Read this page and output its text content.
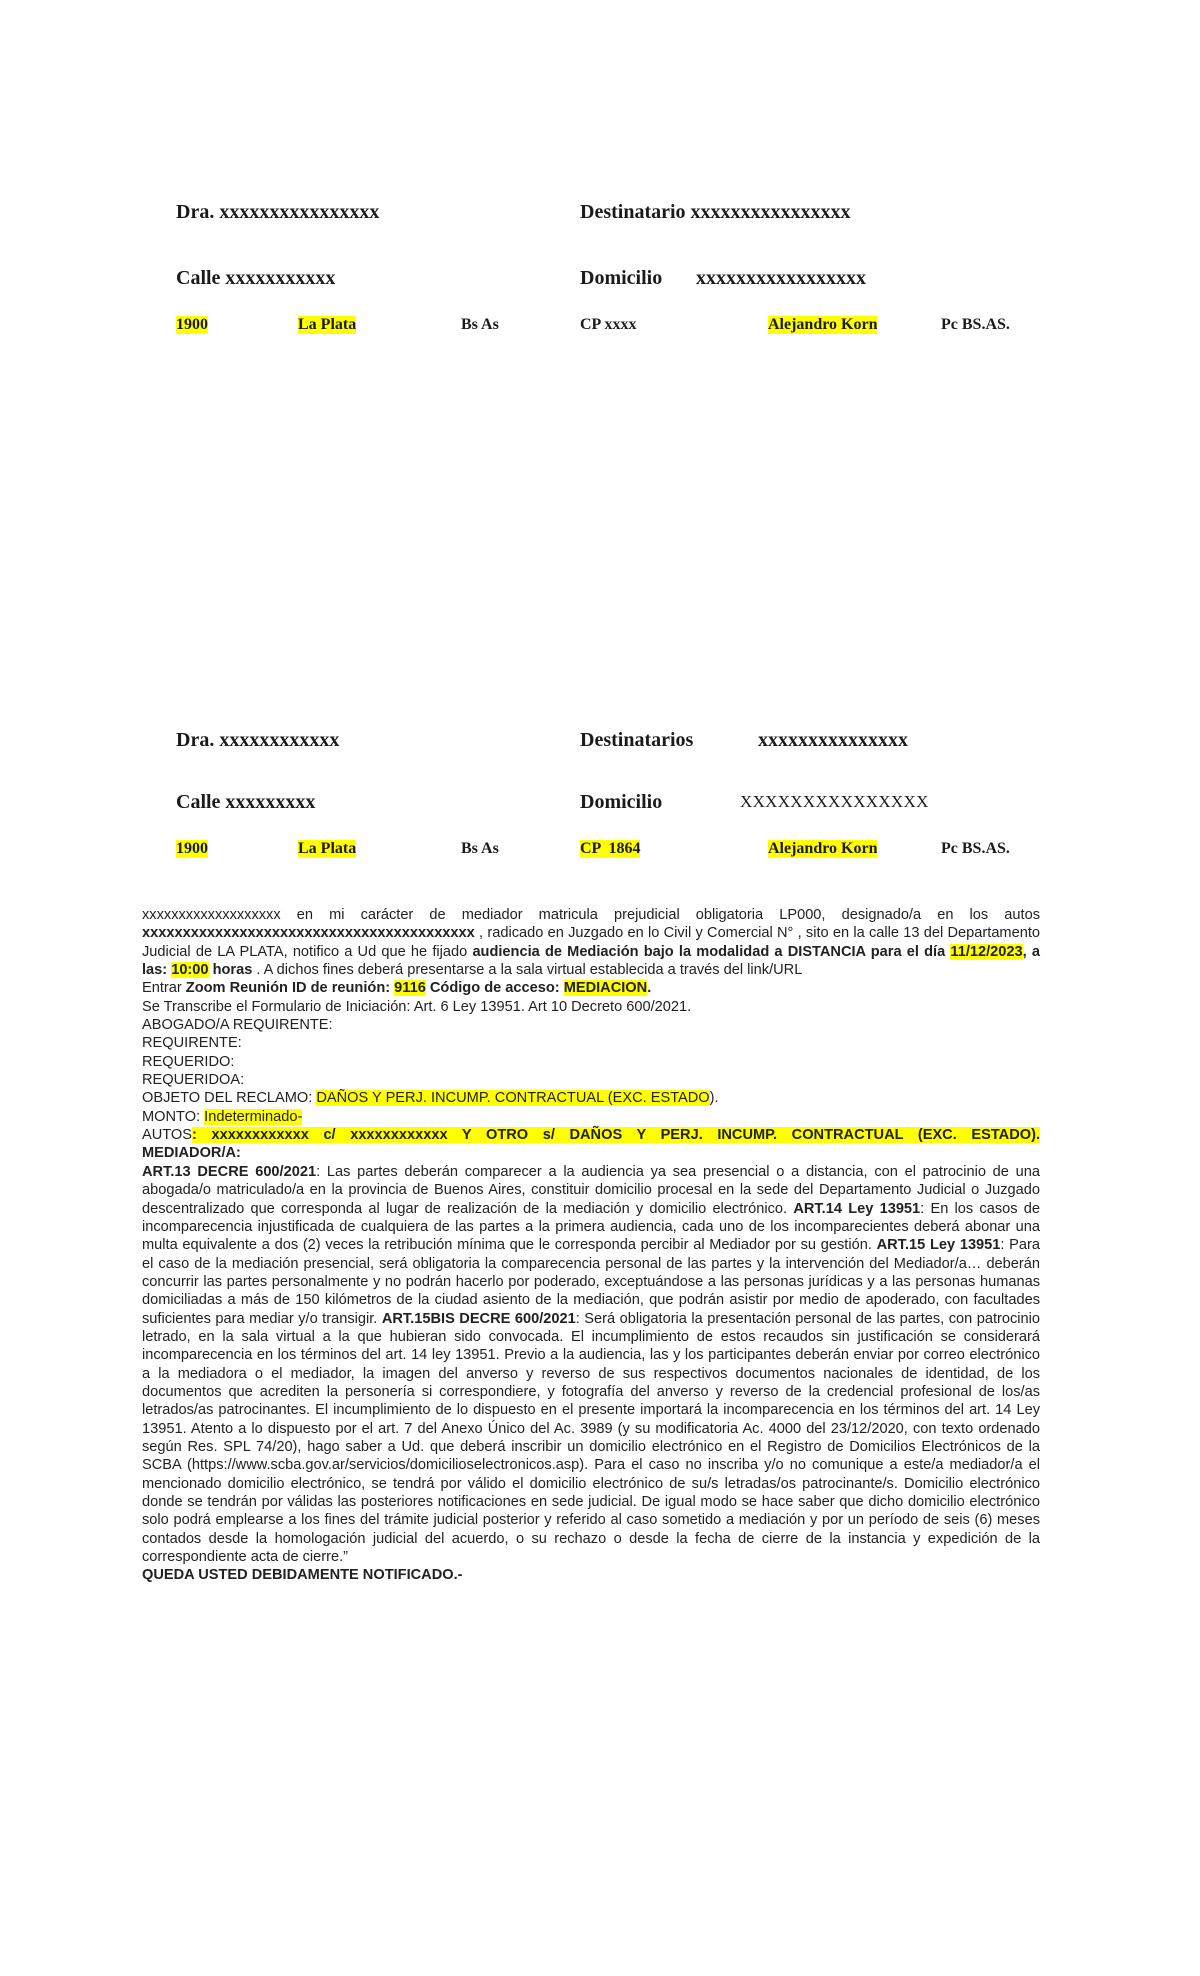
Dra. xxxxxxxxxxxxxxxx	Destinatario xxxxxxxxxxxxxxxx
Calle xxxxxxxxxxx	Domicilio xxxxxxxxxxxxxxxxx
1900	La Plata	Bs As	CP xxxx	Alejandro Korn	Pc BS.AS.
Dra. xxxxxxxxxxxx	Destinatarios	xxxxxxxxxxxxxxx
Calle xxxxxxxxx	Domicilio	XXXXXXXXXXXXXXX
1900	La Plata	Bs As	CP  1864	Alejandro Korn	Pc BS.AS.

xxxxxxxxxxxxxxxxxxx en mi carácter de mediador matricula prejudicial obligatoria LP000, designado/a en los autos xxxxxxxxxxxxxxxxxxxxxxxxxxxxxxxxxxxxxxxxx , radicado en Juzgado en lo Civil y Comercial N° , sito en la calle 13 del Departamento Judicial de LA PLATA, notifico a Ud que he fijado audiencia de Mediación bajo la modalidad a DISTANCIA para el día 11/12/2023, a las: 10:00 horas . A dichos fines deberá presentarse a la sala virtual establecida a través del link/URL

Entrar Zoom Reunión ID de reunión: 9116 Código de acceso: MEDIACION.

Se Transcribe el Formulario de Iniciación: Art. 6 Ley 13951. Art 10 Decreto 600/2021.

ABOGADO/A REQUIRENTE:

REQUIRENTE:

REQUERIDO:

REQUERIDOA:

OBJETO DEL RECLAMO: DAÑOS Y PERJ. INCUMP. CONTRACTUAL (EXC. ESTADO).

MONTO: Indeterminado-

AUTOS: xxxxxxxxxxxx c/ xxxxxxxxxxxx Y OTRO s/ DAÑOS Y PERJ. INCUMP. CONTRACTUAL (EXC. ESTADO).

MEDIADOR/A:

ART.13 DECRE 600/2021: Las partes deberán comparecer a la audiencia ya sea presencial o a distancia, con el patrocinio de una abogada/o matriculado/a en la provincia de Buenos Aires, constituir domicilio procesal en la sede del Departamento Judicial o Juzgado descentralizado que corresponda al lugar de realización de la mediación y domicilio electrónico. ART.14 Ley 13951: En los casos de incomparecencia injustificada de cualquiera de las partes a la primera audiencia, cada uno de los incomparecientes deberá abonar una multa equivalente a dos (2) veces la retribución mínima que le corresponda percibir al Mediador por su gestión. ART.15 Ley 13951: Para el caso de la mediación presencial, será obligatoria la comparecencia personal de las partes y la intervención del Mediador/a… deberán concurrir las partes personalmente y no podrán hacerlo por poderado, exceptuándose a las personas jurídicas y a las personas humanas domiciliadas a más de 150 kilómetros de la ciudad asiento de la mediación, que podrán asistir por medio de apoderado, con facultades suficientes para mediar y/o transigir. ART.15BIS DECRE 600/2021: Será obligatoria la presentación personal de las partes, con patrocinio letrado, en la sala virtual a la que hubieran sido convocada. El incumplimiento de estos recaudos sin justificación se considerará incomparecencia en los términos del art. 14 ley 13951. Previo a la audiencia, las y los participantes deberán enviar por correo electrónico a la mediadora o el mediador, la imagen del anverso y reverso de sus respectivos documentos nacionales de identidad, de los documentos que acrediten la personería si correspondiere, y fotografía del anverso y reverso de la credencial profesional de los/as letrados/as patrocinantes. El incumplimiento de lo dispuesto en el presente importará la incomparecencia en los términos del art. 14 Ley 13951. Atento a lo dispuesto por el art. 7 del Anexo Único del Ac. 3989 (y su modificatoria Ac. 4000 del 23/12/2020, con texto ordenado según Res. SPL 74/20), hago saber a Ud. que deberá inscribir un domicilio electrónico en el Registro de Domicilios Electrónicos de la SCBA (https://www.scba.gov.ar/servicios/domicilioselectronicos.asp). Para el caso no inscriba y/o no comunique a este/a mediador/a el mencionado domicilio electrónico, se tendrá por válido el domicilio electrónico de su/s letradas/os patrocinante/s. Domicilio electrónico donde se tendrán por válidas las posteriores notificaciones en sede judicial. De igual modo se hace saber que dicho domicilio electrónico solo podrá emplearse a los fines del trámite judicial posterior y referido al caso sometido a mediación y por un período de seis (6) meses contados desde la homologación judicial del acuerdo, o su rechazo o desde la fecha de cierre de la instancia y expedición de la correspondiente acta de cierre.”

QUEDA USTED DEBIDAMENTE NOTIFICADO.-
